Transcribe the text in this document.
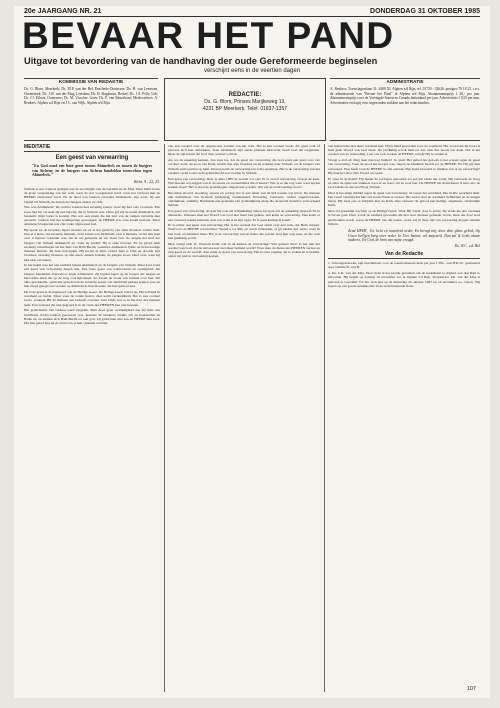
20e JAARGANG NR. 21	DONDERDAG 31 OKTOBER 1985
BEVAAR HET PAND
Uitgave tot bevordering van de handhaving der oude Gereformeerde beginselen
verschijnt eens in de veertien dagen
KOMMISSIE VAN REDAKTIE
Ds. G. Blom, Meerkerk; Ds. M.P. van der Bel, Enschede-Oosterzee; Ds. H. van Leeuwen, Oosterbeek; Ds. J.W. van der Mug, Leerdam; Ds. D. Slagboom, Berkel; Ds. J.A. Pelle, Urk; Ds. J.J. Eilerts, Oosterzee; Ds. M. Visscher, Goes; Ds. P. van Beuzekom; Medewerkers: A. Beukers, Alphen a/d Rijn en J.C. van Wijk, Alphen a/d Rijn.
REDACTIE:
Ds. G. Blom, Prinses Marijkeweg 13,
4231 BP Meerkerk. Telef. 01837-1357
ADMINISTRATIE
A. Beukers, Touwslagerslaan 31, 2408 XL Alphen a/d Rijn, tel. 01720 - 32626, postgiro 79 18 25, t.n.v. de administratie van "Bevaar het Pand" te Alphen a/d Rijn. Abonnementsprijs f 28,- per jaar. Abonnementsprijs voor de Verenigde Staten en Canada buitenland per jaar. Advertenties f 0,55 per mm. Advertenties en kopij voor ingezonden stukken aan het redactieadres.
MEDITATIE
Een geest van verwarring
"En God zond een boze geest tussen Abimelech en tussen de burgers van Sichem; en de burgers van Sichem handelden trouweloos tegen Abimelech."
Richt. 9 : 22, 23.

Sichem is een vrijstad, gelegen aan de noordzijde van de Gerizim en de Ebal. Daar hield Jozua de grote vergadering van het volk, waar de wet voorgelezen werd, waar het verbond met de HEERE vernieuwd werd. Na de dood van Gideon verwekte Abimelech, zijn zoon, bij een bijwijf uit Sichem, de harten der burgers aldaar tot zich.

Wie was Abimelech? De rechter Gideon had zeventig zonen, want hij had vele vrouwen. Eén zoon had hij verwekt bij een bijwijf, die te Sichem was. Deze gaf hij de naam Abimelech, dat betekent: mijn vader is koning. Het was een naam die het hart van de jongen vervulde met eerzucht. Gideon had het koningschap geweigerd; de HEERE zou over Israël heersen. Maar Abimelech begeerde wat zijn vader afgewezen had.

Hij sprak tot de broeders zijner moeder en tot al het geslacht van zijns moeders vaders huis: Wat is u beter, dat zeventig mannen, al de zonen van Jerubbaäl, over u heersen, of dat één man over u heerse? Gedenkt ook, dat ik uw gebeente en uw vlees ben. Zo neigde het hart der burgers van Sichem Abimelech na, want zij zeiden: Hij is onze broeder. En zij gaven hem zeventig zilverlingen uit het huis van Baäl-Berith, waarmee Abimelech ijdele en lichtvaardige mannen huurde, die hem navolgden. Hij kwam in zijns vaders huis te Ofra en doodde zijn broeders, zeventig mannen, op één steen. Alleen Jotham, de jongste zoon, bleef over, want hij had zich verstoken.

In het begin was het een eenheid tussen Abimelech en de burgers van Sichem. Maar God zond een geest van verwarring tussen hen. Een boze geest van wantrouwen en onenigheid. De burgers handelden trouweloos tegen Abimelech. Zij legden lagen op de toppen der bergen en beroofden allen die op de weg voorbijtrokken. Zo kwam de vloek van Jotham over hen. Dit alles geschiedde, opdat het geweld aan de zeventig zonen van Jerubbaäl gedaan komen zou, en hun bloed gelegd zou worden op Abimelech, hun broeder, die hen gedood had.

De boze geest is de tegenpool van de Heilige Geest. De Heilige Geest bouwt op, Hij verbindt in waarheid en liefde. Maar waar de zonde heerst, daar komt verdeeldheid. Het is een oordeel Gods, wanneer Hij de mensen aan zichzelf overlaat. Dan blijkt wat er in het hart des mensen leeft. Een verbond dat niet gegrond is in de vreze des HEEREN kan niet bestaan.

Het gedachtenis van Gideon werd vergeten. Men deed geen weldadigheid aan het huis van Jerubbaäl. Zodra Gideon gestorven was, keerden de kinderen Israëls om en hoereerden de Baäls na, en stelden zich Baäl-Berith tot een god. Zij gedachten niet aan de HEERE hun God, Die hen gered had uit de hand van al hun vijanden rondom.

van een oordeel over de opgehoopte zonden van het volk. Het is een oordeel Gods, dat geen volk of persoon zich kan onttrekken. Toen Abimelech zijn snode plannen uitvoerde, heeft God dat toegelaten. Maar de tijd kwam dat God Zijn oordeel voltrok.

Als we de rekening kennen, dan zien we, dat de geest der verwarring die God zond een geest was van oordeel. Gaal, de zoon van Ebed, kwam met zijn broeders en zij trokken naar Sichem, en de burgers van Sichem vertrouwden op hem. Daarop komt de verwarring ten volle openbaar. Het is de verwarring van het oordeel, opdat Gods recht gehandhaafd zou worden in Sichem.

Een geest van verwarring. Daar is anno 1985 de wereld vol van. Er is overal verwarring. Ook in de kerk. Wat moeten wij zeggen van al de onrust en verdeeldheid die er heerst? Wie is er die nog weet waar hij het zoeken moet? Het is alsof de grondslagen omgestoten worden. Wat zal de rechtvaardige doen?

Bevoldes, moord, doodslag, terreur en oorlog; het is een teken van de tijd waarin wij leven. De mensen zijn liefhebbers van zichzelf, geldgierig, laatdunkend, hovaardig, lasteraars, ouders ongehoorzaam, ondankbaar, onheilig. Hebbende een gedaante van godzaligheid, maar die de kracht derzelve verloochend hebben.

Een geest van verwarring. Al gaat het ook om schijnheilige zaken, het gaat om de scheiding tussen licht en duisternis. Wanneer men het Woord van God niet meer laat gelden, dan komt de verwarring. Dan komt er een toestand waarin iedereen doet wat recht is in zijn ogen. Er is geen koning in Israël.

Er is echter een geest van verwarring. Het is het oordeel dat God zendt over een volk, dat Hem vergeet. Waarvoor de HEERE waarschuwt: Wendt u tot Mij, en wordt behouden, al gij einden der aarde; want Ik ben God, en niemand meer. Het is de verwarring van de mens, die zonder God zijn weg gaat, en die toch niet gelukkig wordt.

Men vraagt zich af: Waarom komt ook in de kerken de verwarring? Wat gebeurt hier? Is het niet het oordeel van God, dat de zuivere leer niet meer bemind wordt? Waar men de dienst des HEEREN verlaat en zich keert tot de wereld, daar komt de geest van verwarring. Het is onze roeping om te waken en te bidden, opdat wij niet in verzoeking komen.

van iemand die niet meer oordelen kan. Hij is blind geworden voor de waarheid. Het woord dat hij hoort is hem geen Woord van God meer. De prediking wordt hem tot een reuk des doods ten dode. Dat is het oordeel van de verharding. Laat ons toch zoeken de HEERE, terwijl Hij te vinden is.

Vraagt u zich af: Mag men dan nog bidden? Ja, juist! Het gebed des geloofs is het wapen tegen de geest van verwarring. Toen de nood het hoogst was, riepen de kinderen Israëls tot de HEERE. En Hij gaf hun verlossers. Hoe heeft God de HEERE in alle eeuwen Zijn Kerk bewaard te midden van al de verwarring? Hij doet het door Zijn Woord en Geest.

Er staat in de Psalm: Hij maakt de oorlogen ophouden tot aan het einde der aarde; Hij verbreekt de boog en slaat de spies aan stukken. Laat af en weet, dat Ik God ben. De HEERE der heirscharen is met ons; de God Jakobs is ons een Hoog Vertrek.

Daar is het enige middel tegen de geest van verwarring: de Geest der waarheid, Die in alle waarheid leidt. Die Geest verenigt het hart om Gods Naam te vrezen. Die Geest doet de waarheid liefhebben en de leugen haten. Hij leert ons te belijden met de Kerk aller eeuwen: Ik geloof een heilige, algemene, christelijke Kerk.

Men zal geestelijk wachten op de Heilige Geest. Waar Hij werkt, daar is vrede. De vrede die alle verstand te boven gaat. Daar wordt de eenheid gevonden die niet door mensen gemaakt wordt, maar die door God geschonken wordt. Geve de HEERE ons die Geest, opdat wij in deze tijd van verwarring mogen staande blijven.

Zend HEER', Uw licht en waarheid neder, En brengt mij, door dien glans geleid, Op Uwen heil'gen berg weer neder, In Uwe huizen, vol majesteit. Dan zal ik Gods altaar naderen, Tot God, de bron van mijne vreugd.
Ds. W.C. v.d. Bel
Van de Redactie

1. Schoolgebouwen, zijn beschikbaar voor de Gereformeerde kerk per jaar f 350,- van H.K.W., gedoneerd door familie D. van B.

2. Ds. L.R. van der Mey. Door hem is het besluit genomen om de kerkdienst te Alphen aan den Rijn te hervatten. Hij begint op zondag 10 november a.s. te Alphen a/d Rijn, Dorpsstraat. Ds. van der Mey is geboren te Leerdam. Tot Ds. zich ziet op de dienstdag 29 oktober 1985 tot 10 november a.s. vieren. Wij hopen op een goede samenkomst in de Gereformeerde Kerk.

107
